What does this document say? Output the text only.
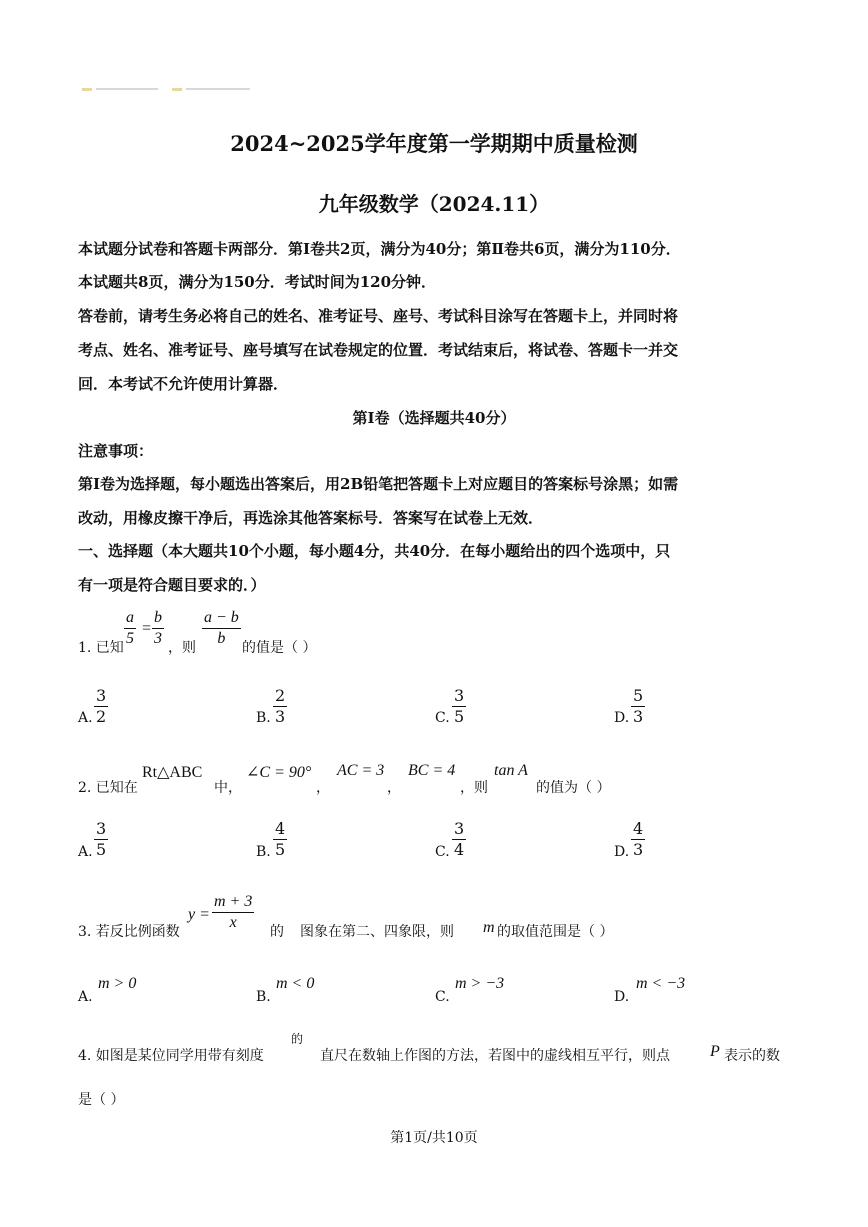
2024~2025学年度第一学期期中质量检测
九年级数学（2024.11）
本试题分试卷和答题卡两部分．第Ⅰ卷共2页，满分为40分；第Ⅱ卷共6页，满分为110分．
本试题共8页，满分为150分．考试时间为120分钟．
答卷前，请考生务必将自己的姓名、准考证号、座号、考试科目涂写在答题卡上，并同时将
考点、姓名、准考证号、座号填写在试卷规定的位置．考试结束后，将试卷、答题卡一并交
回．本考试不允许使用计算器．
第Ⅰ卷（选择题共40分）
注意事项：
第Ⅰ卷为选择题，每小题选出答案后，用2B铅笔把答题卡上对应题目的答案标号涂黑；如需
改动，用橡皮擦干净后，再选涂其他答案标号．答案写在试卷上无效．
一、选择题（本大题共10个小题，每小题4分，共40分．在每小题给出的四个选项中，只
有一项是符合题目要求的．）
1. 已知
$\frac{a}{5} = \frac{b}{3}$
，则
$\frac{a - b}{b}$
的值是（ ）
A. $\frac{3}{2}$	B. $\frac{2}{3}$	C. $\frac{3}{5}$	D. $\frac{5}{3}$
2. 已知在
Rt△ABC
中，
∠C = 90°
，
AC = 3
，
BC = 4
，则
tan A
的值为（ ）
A. $\frac{3}{5}$	B. $\frac{4}{5}$	C. $\frac{3}{4}$	D. $\frac{4}{3}$
3. 若反比例函数
$y = \frac{m + 3}{x}$
的 图象在第二、四象限，则 m 的取值范围是（ ）
A.
m > 0
B.
m < 0
C.
m > −3
D.
m < −3
4. 如图是某位同学用带有刻度
的
直尺在数轴上作图的方法，若图中的虚线相互平行，则点	P 表示的数
是（ ）
第1页/共10页
